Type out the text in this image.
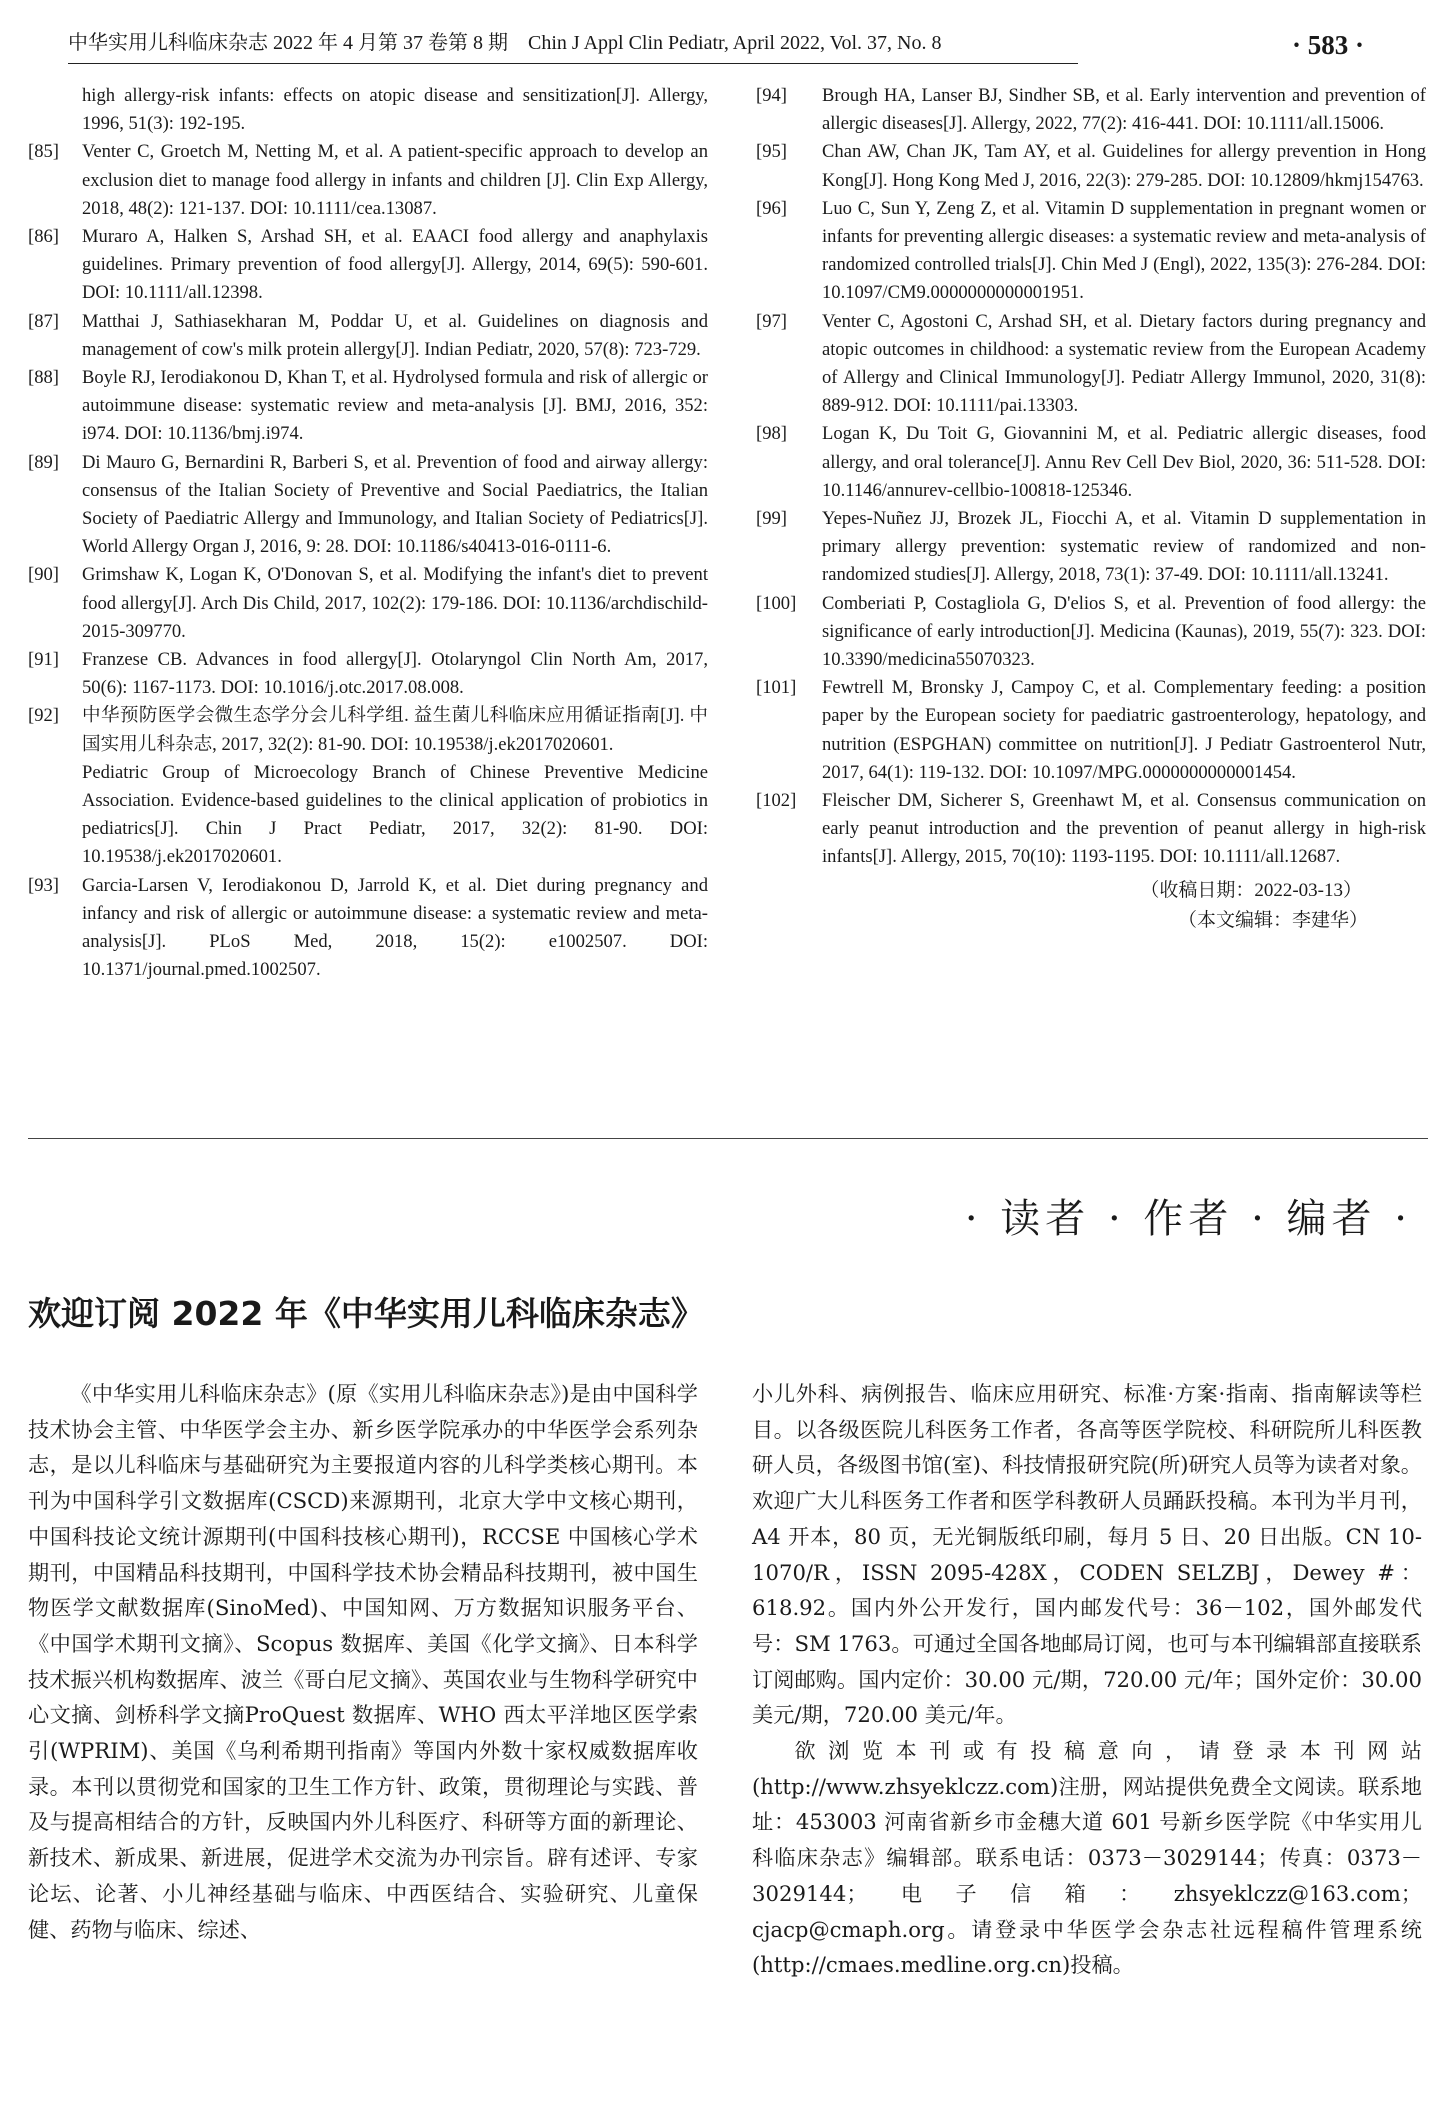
中华实用儿科临床杂志 2022 年 4 月第 37 卷第 8 期　Chin J Appl Clin Pediatr, April 2022, Vol. 37, No. 8	· 583 ·
high allergy-risk infants: effects on atopic disease and sensitization[J]. Allergy, 1996, 51(3): 192-195.
[85] Venter C, Groetch M, Netting M, et al. A patient-specific approach to develop an exclusion diet to manage food allergy in infants and children [J]. Clin Exp Allergy, 2018, 48(2): 121-137. DOI: 10.1111/cea.13087.
[86] Muraro A, Halken S, Arshad SH, et al. EAACI food allergy and anaphylaxis guidelines. Primary prevention of food allergy[J]. Allergy, 2014, 69(5): 590-601. DOI: 10.1111/all.12398.
[87] Matthai J, Sathiasekharan M, Poddar U, et al. Guidelines on diagnosis and management of cow's milk protein allergy[J]. Indian Pediatr, 2020, 57(8): 723-729.
[88] Boyle RJ, Ierodiakonou D, Khan T, et al. Hydrolysed formula and risk of allergic or autoimmune disease: systematic review and meta-analysis [J]. BMJ, 2016, 352: i974. DOI: 10.1136/bmj.i974.
[89] Di Mauro G, Bernardini R, Barberi S, et al. Prevention of food and airway allergy: consensus of the Italian Society of Preventive and Social Paediatrics, the Italian Society of Paediatric Allergy and Immunology, and Italian Society of Pediatrics[J]. World Allergy Organ J, 2016, 9: 28. DOI: 10.1186/s40413-016-0111-6.
[90] Grimshaw K, Logan K, O'Donovan S, et al. Modifying the infant's diet to prevent food allergy[J]. Arch Dis Child, 2017, 102(2): 179-186. DOI: 10.1136/archdischild-2015-309770.
[91] Franzese CB. Advances in food allergy[J]. Otolaryngol Clin North Am, 2017, 50(6): 1167-1173. DOI: 10.1016/j.otc.2017.08.008.
[92] 中华预防医学会微生态学分会儿科学组. 益生菌儿科临床应用循证指南[J]. 中国实用儿科杂志, 2017, 32(2): 81-90. DOI: 10.19538/j.ek2017020601.
Pediatric Group of Microecology Branch of Chinese Preventive Medicine Association. Evidence-based guidelines to the clinical application of probiotics in pediatrics[J]. Chin J Pract Pediatr, 2017, 32(2): 81-90. DOI: 10.19538/j.ek2017020601.
[93] Garcia-Larsen V, Ierodiakonou D, Jarrold K, et al. Diet during pregnancy and infancy and risk of allergic or autoimmune disease: a systematic review and meta-analysis[J]. PLoS Med, 2018, 15(2): e1002507. DOI: 10.1371/journal.pmed.1002507.
[94] Brough HA, Lanser BJ, Sindher SB, et al. Early intervention and prevention of allergic diseases[J]. Allergy, 2022, 77(2): 416-441. DOI: 10.1111/all.15006.
[95] Chan AW, Chan JK, Tam AY, et al. Guidelines for allergy prevention in Hong Kong[J]. Hong Kong Med J, 2016, 22(3): 279-285. DOI: 10.12809/hkmj154763.
[96] Luo C, Sun Y, Zeng Z, et al. Vitamin D supplementation in pregnant women or infants for preventing allergic diseases: a systematic review and meta-analysis of randomized controlled trials[J]. Chin Med J (Engl), 2022, 135(3): 276-284. DOI: 10.1097/CM9.0000000000001951.
[97] Venter C, Agostoni C, Arshad SH, et al. Dietary factors during pregnancy and atopic outcomes in childhood: a systematic review from the European Academy of Allergy and Clinical Immunology[J]. Pediatr Allergy Immunol, 2020, 31(8): 889-912. DOI: 10.1111/pai.13303.
[98] Logan K, Du Toit G, Giovannini M, et al. Pediatric allergic diseases, food allergy, and oral tolerance[J]. Annu Rev Cell Dev Biol, 2020, 36: 511-528. DOI: 10.1146/annurev-cellbio-100818-125346.
[99] Yepes-Nuñez JJ, Brozek JL, Fiocchi A, et al. Vitamin D supplementation in primary allergy prevention: systematic review of randomized and non-randomized studies[J]. Allergy, 2018, 73(1): 37-49. DOI: 10.1111/all.13241.
[100] Comberiati P, Costagliola G, D'elios S, et al. Prevention of food allergy: the significance of early introduction[J]. Medicina (Kaunas), 2019, 55(7): 323. DOI: 10.3390/medicina55070323.
[101] Fewtrell M, Bronsky J, Campoy C, et al. Complementary feeding: a position paper by the European society for paediatric gastroenterology, hepatology, and nutrition (ESPGHAN) committee on nutrition[J]. J Pediatr Gastroenterol Nutr, 2017, 64(1): 119-132. DOI: 10.1097/MPG.0000000000001454.
[102] Fleischer DM, Sicherer S, Greenhawt M, et al. Consensus communication on early peanut introduction and the prevention of peanut allergy in high-risk infants[J]. Allergy, 2015, 70(10): 1193-1195. DOI: 10.1111/all.12687.
（收稿日期：2022-03-13）
（本文编辑：李建华）
· 读者 · 作者 · 编者 ·
欢迎订阅 2022 年《中华实用儿科临床杂志》

《中华实用儿科临床杂志》(原《实用儿科临床杂志》)是由中国科学技术协会主管、中华医学会主办、新乡医学院承办的中华医学会系列杂志，是以儿科临床与基础研究为主要报道内容的儿科学类核心期刊。本刊为中国科学引文数据库(CSCD)来源期刊，北京大学中文核心期刊，中国科技论文统计源期刊(中国科技核心期刊)，RCCSE 中国核心学术期刊，中国精品科技期刊，中国科学技术协会精品科技期刊，被中国生物医学文献数据库(SinoMed)、中国知网、万方数据知识服务平台、《中国学术期刊文摘》、Scopus 数据库、美国《化学文摘》、日本科学技术振兴机构数据库、波兰《哥白尼文摘》、英国农业与生物科学研究中心文摘、剑桥科学文摘ProQuest 数据库、WHO 西太平洋地区医学索引(WPRIM)、美国《乌利希期刊指南》等国内外数十家权威数据库收录。本刊以贯彻党和国家的卫生工作方针、政策，贯彻理论与实践、普及与提高相结合的方针，反映国内外儿科医疗、科研等方面的新理论、新技术、新成果、新进展，促进学术交流为办刊宗旨。辟有述评、专家论坛、论著、小儿神经基础与临床、中西医结合、实验研究、儿童保健、药物与临床、综述、

小儿外科、病例报告、临床应用研究、标准·方案·指南、指南解读等栏目。以各级医院儿科医务工作者，各高等医学院校、科研院所儿科医教研人员，各级图书馆(室)、科技情报研究院(所)研究人员等为读者对象。欢迎广大儿科医务工作者和医学科教研人员踊跃投稿。本刊为半月刊，A4 开本，80 页，无光铜版纸印刷，每月 5 日、20 日出版。CN 10-1070/R，ISSN 2095-428X，CODEN SELZBJ，Dewey #：618.92。国内外公开发行，国内邮发代号：36－102，国外邮发代号：SM 1763。可通过全国各地邮局订阅，也可与本刊编辑部直接联系订阅邮购。国内定价：30.00 元/期，720.00 元/年；国外定价：30.00 美元/期，720.00 美元/年。

欲浏览本刊或有投稿意向，请登录本刊网站(http://www.zhsyeklczz.com)注册，网站提供免费全文阅读。联系地址：453003 河南省新乡市金穗大道 601 号新乡医学院《中华实用儿科临床杂志》编辑部。联系电话：0373－3029144；传真：0373－3029144；电子信箱：zhsyeklczz@163.com；cjacp@cmaph.org。请登录中华医学会杂志社远程稿件管理系统(http://cmaes.medline.org.cn)投稿。
